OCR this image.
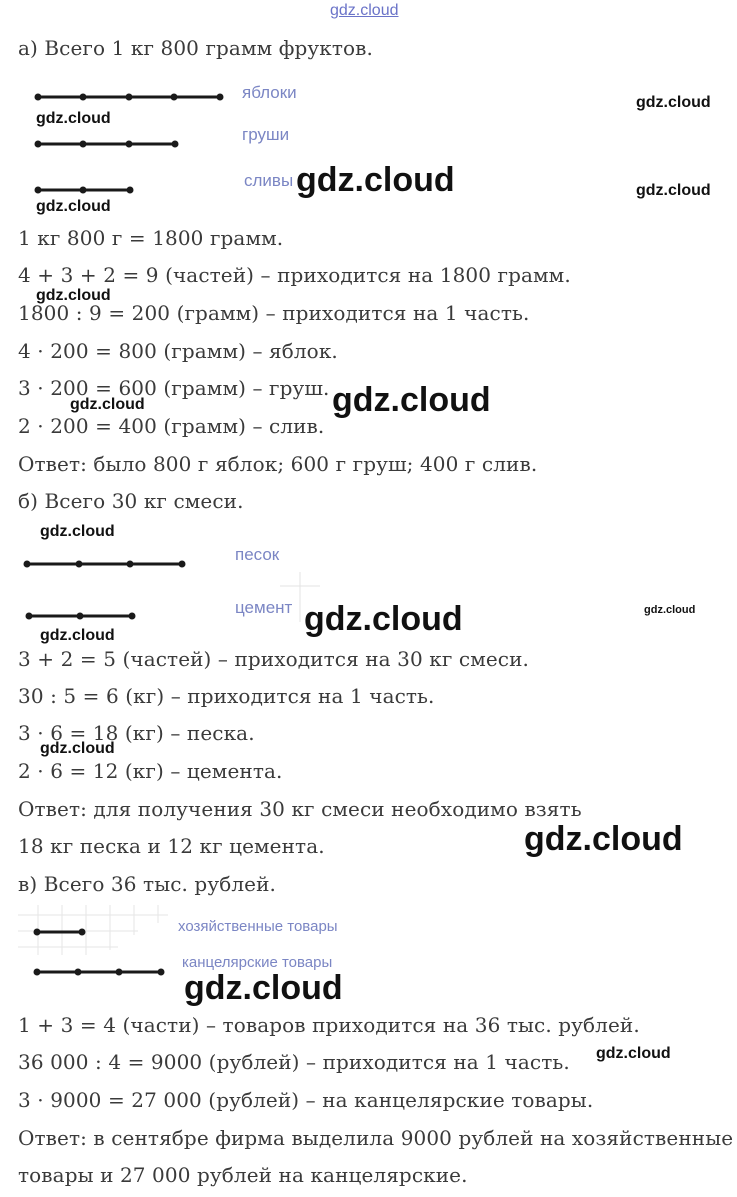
gdz.cloud
а) Всего 1 кг 800 грамм фруктов.
яблоки
груши
сливы
1 кг 800 г = 1800 грамм.
4 + 3 + 2 = 9 (частей) – приходится на 1800 грамм.
1800 : 9 = 200 (грамм) – приходится на 1 часть.
4 · 200 = 800 (грамм) – яблок.
3 · 200 = 600 (грамм) – груш.
2 · 200 = 400 (грамм) – слив.
Ответ: было 800 г яблок; 600 г груш; 400 г слив.
б) Всего 30 кг смеси.
песок
цемент
3 + 2 = 5 (частей) – приходится на 30 кг смеси.
30 : 5 = 6 (кг) – приходится на 1 часть.
3 · 6 = 18 (кг) – песка.
2 · 6 = 12 (кг) – цемента.
Ответ: для получения 30 кг смеси необходимо взять
18 кг песка и 12 кг цемента.
в) Всего 36 тыс. рублей.
хозяйственные товары
канцелярские товары
1 + 3 = 4 (части) – товаров приходится на 36 тыс. рублей.
36 000 : 4 = 9000 (рублей) – приходится на 1 часть.
3 · 9000 = 27 000 (рублей) – на канцелярские товары.
Ответ: в сентябре фирма выделила 9000 рублей на хозяйственные
товары и 27 000 рублей на канцелярские.
gdz.cloud
gdz.cloud
gdz.cloud	gdz.cloud
gdz.cloud
gdz.cloud
gdz.cloud
gdz.cloud
gdz.cloud
gdz.cloud	gdz.cloud
gdz.cloud
gdz.cloud
gdz.cloud
gdz.cloud
gdz.cloud
